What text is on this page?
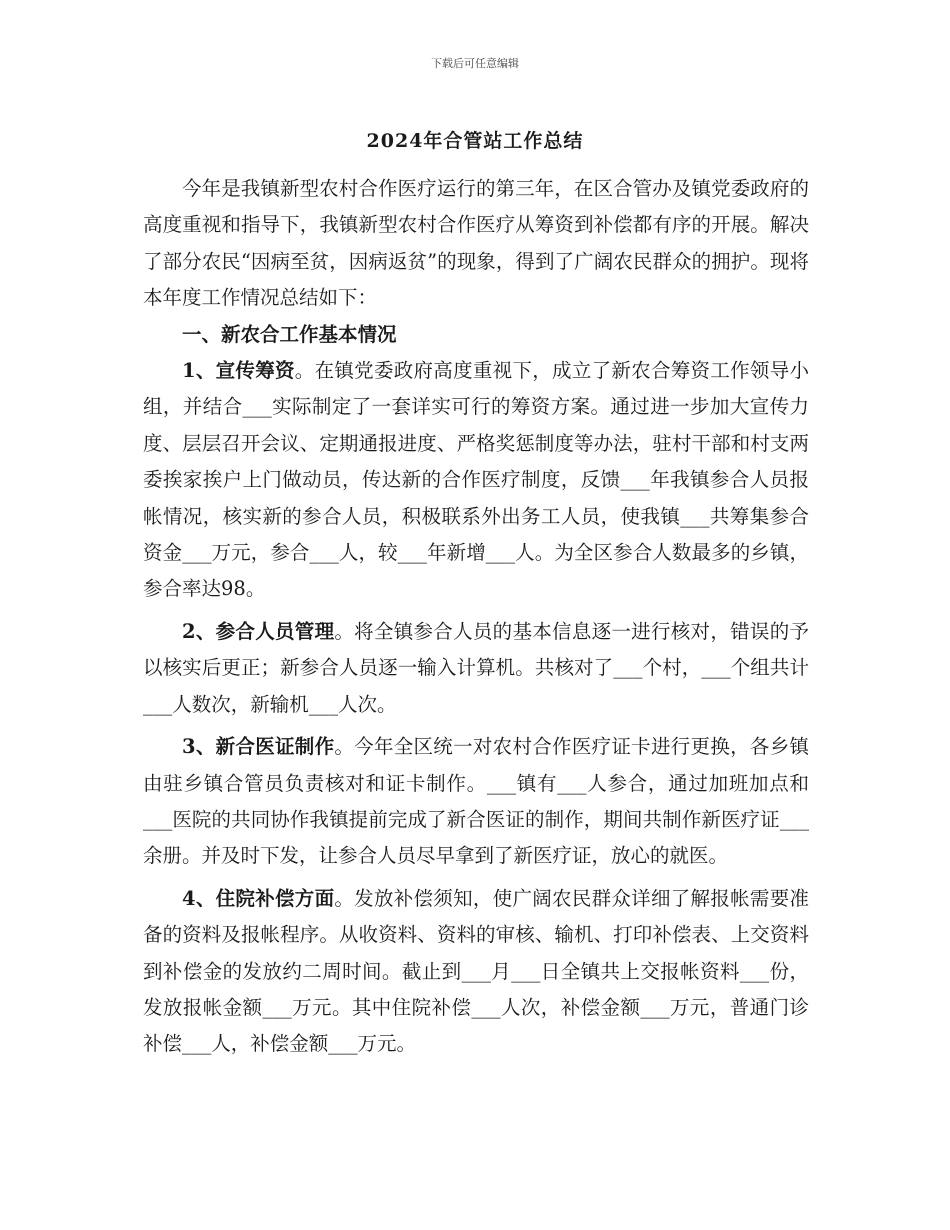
下载后可任意编辑
2024年合管站工作总结

今年是我镇新型农村合作医疗运行的第三年，在区合管办及镇党委政府的高度重视和指导下，我镇新型农村合作医疗从筹资到补偿都有序的开展。解决了部分农民“因病至贫，因病返贫”的现象，得到了广阔农民群众的拥护。现将本年度工作情况总结如下：

一、新农合工作基本情况

1、宣传筹资。在镇党委政府高度重视下，成立了新农合筹资工作领导小组，并结合___实际制定了一套详实可行的筹资方案。通过进一步加大宣传力度、层层召开会议、定期通报进度、严格奖惩制度等办法，驻村干部和村支两委挨家挨户上门做动员，传达新的合作医疗制度，反馈___年我镇参合人员报帐情况，核实新的参合人员，积极联系外出务工人员，使我镇___共筹集参合资金___万元，参合___人，较___年新增___人。为全区参合人数最多的乡镇，参合率达98。

2、参合人员管理。将全镇参合人员的基本信息逐一进行核对，错误的予以核实后更正；新参合人员逐一输入计算机。共核对了___个村，___个组共计___人数次，新输机___人次。

3、新合医证制作。今年全区统一对农村合作医疗证卡进行更换，各乡镇由驻乡镇合管员负责核对和证卡制作。___镇有___人参合，通过加班加点和___医院的共同协作我镇提前完成了新合医证的制作，期间共制作新医疗证___余册。并及时下发，让参合人员尽早拿到了新医疗证，放心的就医。

4、住院补偿方面。发放补偿须知，使广阔农民群众详细了解报帐需要准备的资料及报帐程序。从收资料、资料的审核、输机、打印补偿表、上交资料到补偿金的发放约二周时间。截止到___月___日全镇共上交报帐资料___份，发放报帐金额___万元。其中住院补偿___人次，补偿金额___万元，普通门诊补偿___人，补偿金额___万元。
